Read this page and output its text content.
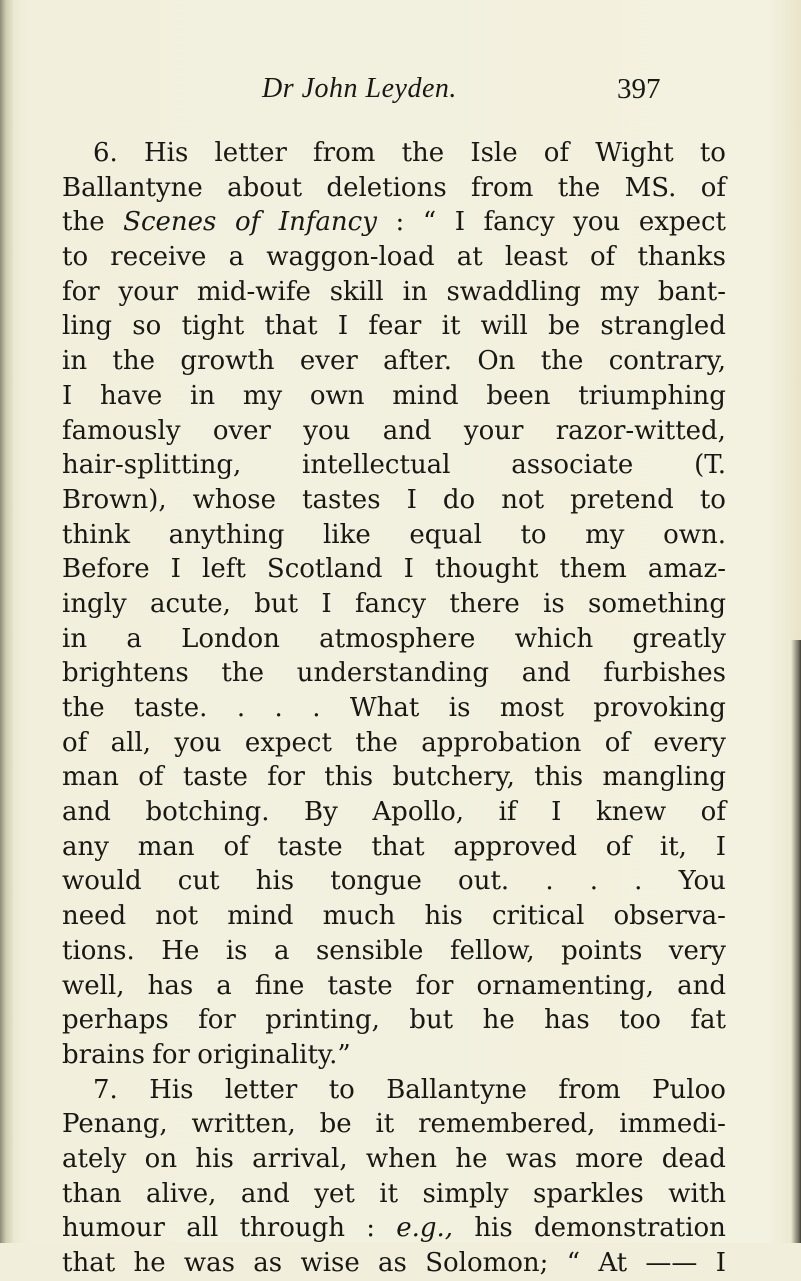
Dr John Leyden.	397
6. His letter from the Isle of Wight to
Ballantyne about deletions from the MS. of
the Scenes of Infancy : “ I fancy you expect
to receive a waggon-load at least of thanks
for your mid-wife skill in swaddling my bant-
ling so tight that I fear it will be strangled
in the growth ever after. On the contrary,
I have in my own mind been triumphing
famously over you and your razor-witted,
hair-splitting, intellectual associate (T.
Brown), whose tastes I do not pretend to
think anything like equal to my own.
Before I left Scotland I thought them amaz-
ingly acute, but I fancy there is something
in a London atmosphere which greatly
brightens the understanding and furbishes
the taste. . . . What is most provoking
of all, you expect the approbation of every
man of taste for this butchery, this mangling
and botching. By Apollo, if I knew of
any man of taste that approved of it, I
would cut his tongue out. . . . You
need not mind much his critical observa-
tions. He is a sensible fellow, points very
well, has a fine taste for ornamenting, and
perhaps for printing, but he has too fat
brains for originality.”
7. His letter to Ballantyne from Puloo
Penang, written, be it remembered, immedi-
ately on his arrival, when he was more dead
than alive, and yet it simply sparkles with
humour all through : e.g., his demonstration
that he was as wise as Solomon; “ At —— I
